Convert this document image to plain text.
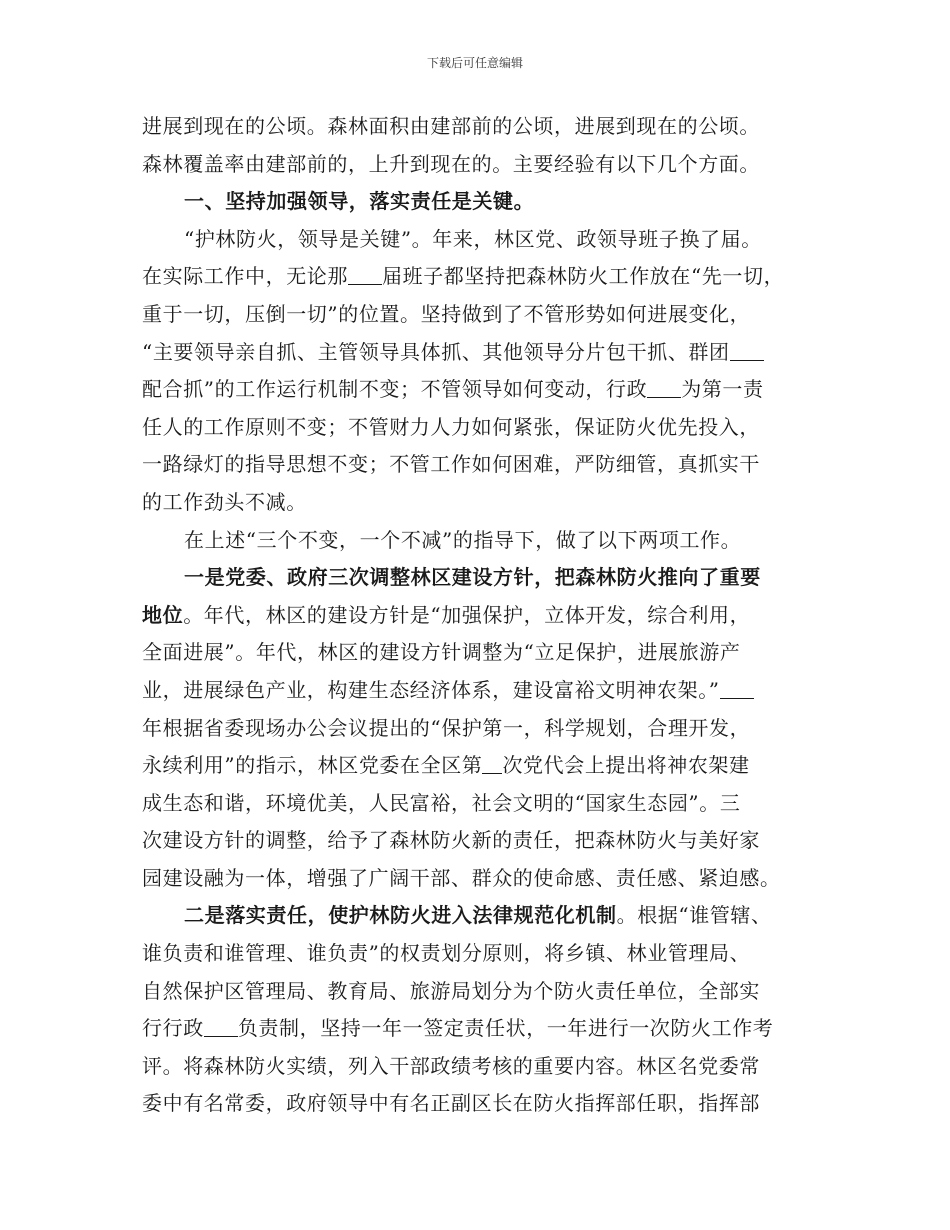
下载后可任意编辑
进展到现在的公顷。森林面积由建部前的公顷，进展到现在的公顷。
森林覆盖率由建部前的，上升到现在的。主要经验有以下几个方面。
一、坚持加强领导，落实责任是关键。
“护林防火，领导是关键”。年来，林区党、政领导班子换了届。
在实际工作中，无论那 届班子都坚持把森林防火工作放在“先一切，
重于一切，压倒一切”的位置。坚持做到了不管形势如何进展变化，
“主要领导亲自抓、主管领导具体抓、其他领导分片包干抓、群团
配合抓”的工作运行机制不变；不管领导如何变动，行政 为第一责
任人的工作原则不变；不管财力人力如何紧张，保证防火优先投入，
一路绿灯的指导思想不变；不管工作如何困难，严防细管，真抓实干
的工作劲头不减。
在上述“三个不变，一个不减”的指导下，做了以下两项工作。
一是党委、政府三次调整林区建设方针，把森林防火推向了重要
地位。年代，林区的建设方针是“加强保护，立体开发，综合利用，
全面进展”。年代，林区的建设方针调整为“立足保护，进展旅游产
业，进展绿色产业，构建生态经济体系，建设富裕文明神农架。”
年根据省委现场办公会议提出的“保护第一，科学规划，合理开发，
永续利用”的指示，林区党委在全区第 次党代会上提出将神农架建
成生态和谐，环境优美，人民富裕，社会文明的“国家生态园”。三
次建设方针的调整，给予了森林防火新的责任，把森林防火与美好家
园建设融为一体，增强了广阔干部、群众的使命感、责任感、紧迫感。
二是落实责任，使护林防火进入法律规范化机制。根据“谁管辖、
谁负责和谁管理、谁负责”的权责划分原则，将乡镇、林业管理局、
自然保护区管理局、教育局、旅游局划分为个防火责任单位，全部实
行行政 负责制，坚持一年一签定责任状，一年进行一次防火工作考
评。将森林防火实绩，列入干部政绩考核的重要内容。林区名党委常
委中有名常委，政府领导中有名正副区长在防火指挥部任职，指挥部
